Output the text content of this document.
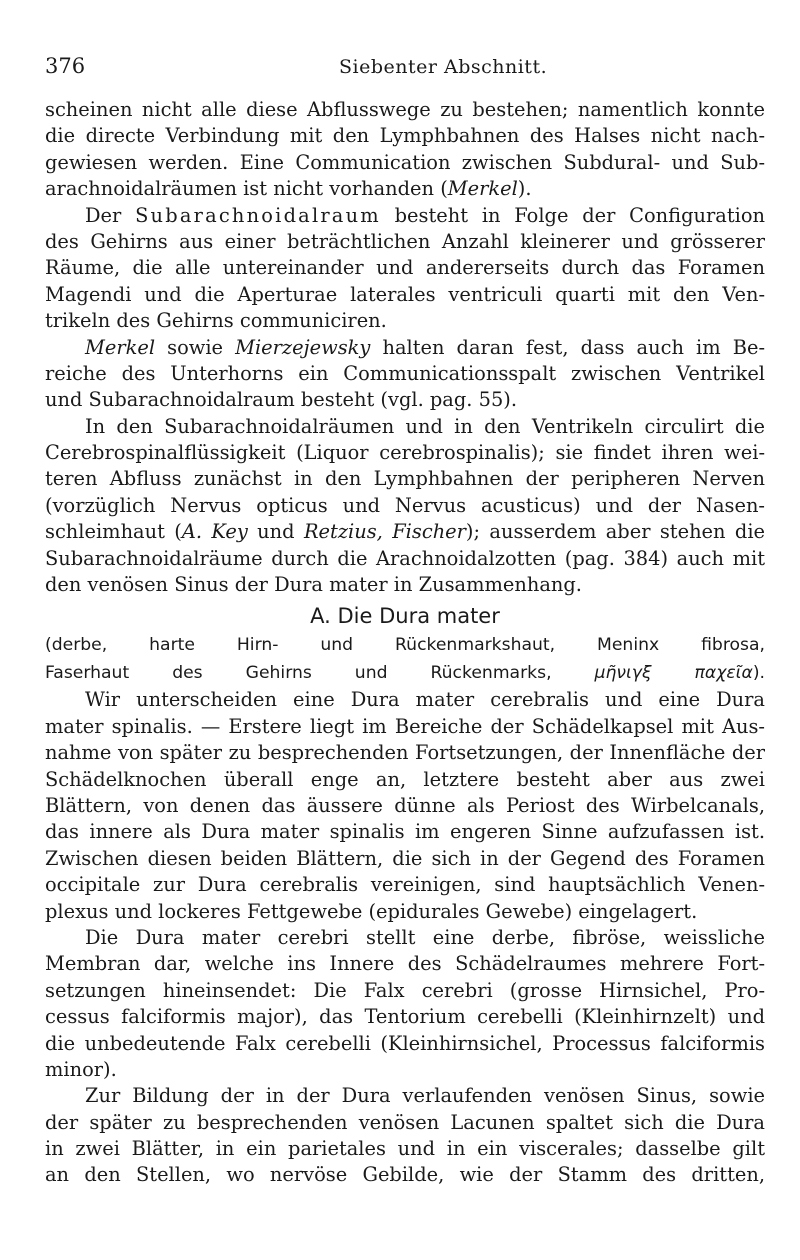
376	Siebenter Abschnitt.
scheinen nicht alle diese Abflusswege zu bestehen; namentlich konnte
die directe Verbindung mit den Lymphbahnen des Halses nicht nach-
gewiesen werden. Eine Communication zwischen Subdural- und Sub-
arachnoidalräumen ist nicht vorhanden (Merkel).
Der Subarachnoidalraum besteht in Folge der Configuration
des Gehirns aus einer beträchtlichen Anzahl kleinerer und grösserer
Räume, die alle untereinander und andererseits durch das Foramen
Magendi und die Aperturae laterales ventriculi quarti mit den Ven-
trikeln des Gehirns communiciren.
Merkel sowie Mierzejewsky halten daran fest, dass auch im Be-
reiche des Unterhorns ein Communicationsspalt zwischen Ventrikel
und Subarachnoidalraum besteht (vgl. pag. 55).
In den Subarachnoidalräumen und in den Ventrikeln circulirt die
Cerebrospinalflüssigkeit (Liquor cerebrospinalis); sie findet ihren wei-
teren Abfluss zunächst in den Lymphbahnen der peripheren Nerven
(vorzüglich Nervus opticus und Nervus acusticus) und der Nasen-
schleimhaut (A. Key und Retzius, Fischer); ausserdem aber stehen die
Subarachnoidalräume durch die Arachnoidalzotten (pag. 384) auch mit
den venösen Sinus der Dura mater in Zusammenhang.
A. Die Dura mater
(derbe, harte Hirn- und Rückenmarkshaut, Meninx fibrosa,
Faserhaut des Gehirns und Rückenmarks, μῆνιγξ παχεῖα).
Wir unterscheiden eine Dura mater cerebralis und eine Dura
mater spinalis. — Erstere liegt im Bereiche der Schädelkapsel mit Aus-
nahme von später zu besprechenden Fortsetzungen, der Innenfläche der
Schädelknochen überall enge an, letztere besteht aber aus zwei
Blättern, von denen das äussere dünne als Periost des Wirbelcanals,
das innere als Dura mater spinalis im engeren Sinne aufzufassen ist.
Zwischen diesen beiden Blättern, die sich in der Gegend des Foramen
occipitale zur Dura cerebralis vereinigen, sind hauptsächlich Venen-
plexus und lockeres Fettgewebe (epidurales Gewebe) eingelagert.
Die Dura mater cerebri stellt eine derbe, fibröse, weissliche
Membran dar, welche ins Innere des Schädelraumes mehrere Fort-
setzungen hineinsendet: Die Falx cerebri (grosse Hirnsichel, Pro-
cessus falciformis major), das Tentorium cerebelli (Kleinhirnzelt) und
die unbedeutende Falx cerebelli (Kleinhirnsichel, Processus falciformis
minor).
Zur Bildung der in der Dura verlaufenden venösen Sinus, sowie
der später zu besprechenden venösen Lacunen spaltet sich die Dura
in zwei Blätter, in ein parietales und in ein viscerales; dasselbe gilt
an den Stellen, wo nervöse Gebilde, wie der Stamm des dritten,
